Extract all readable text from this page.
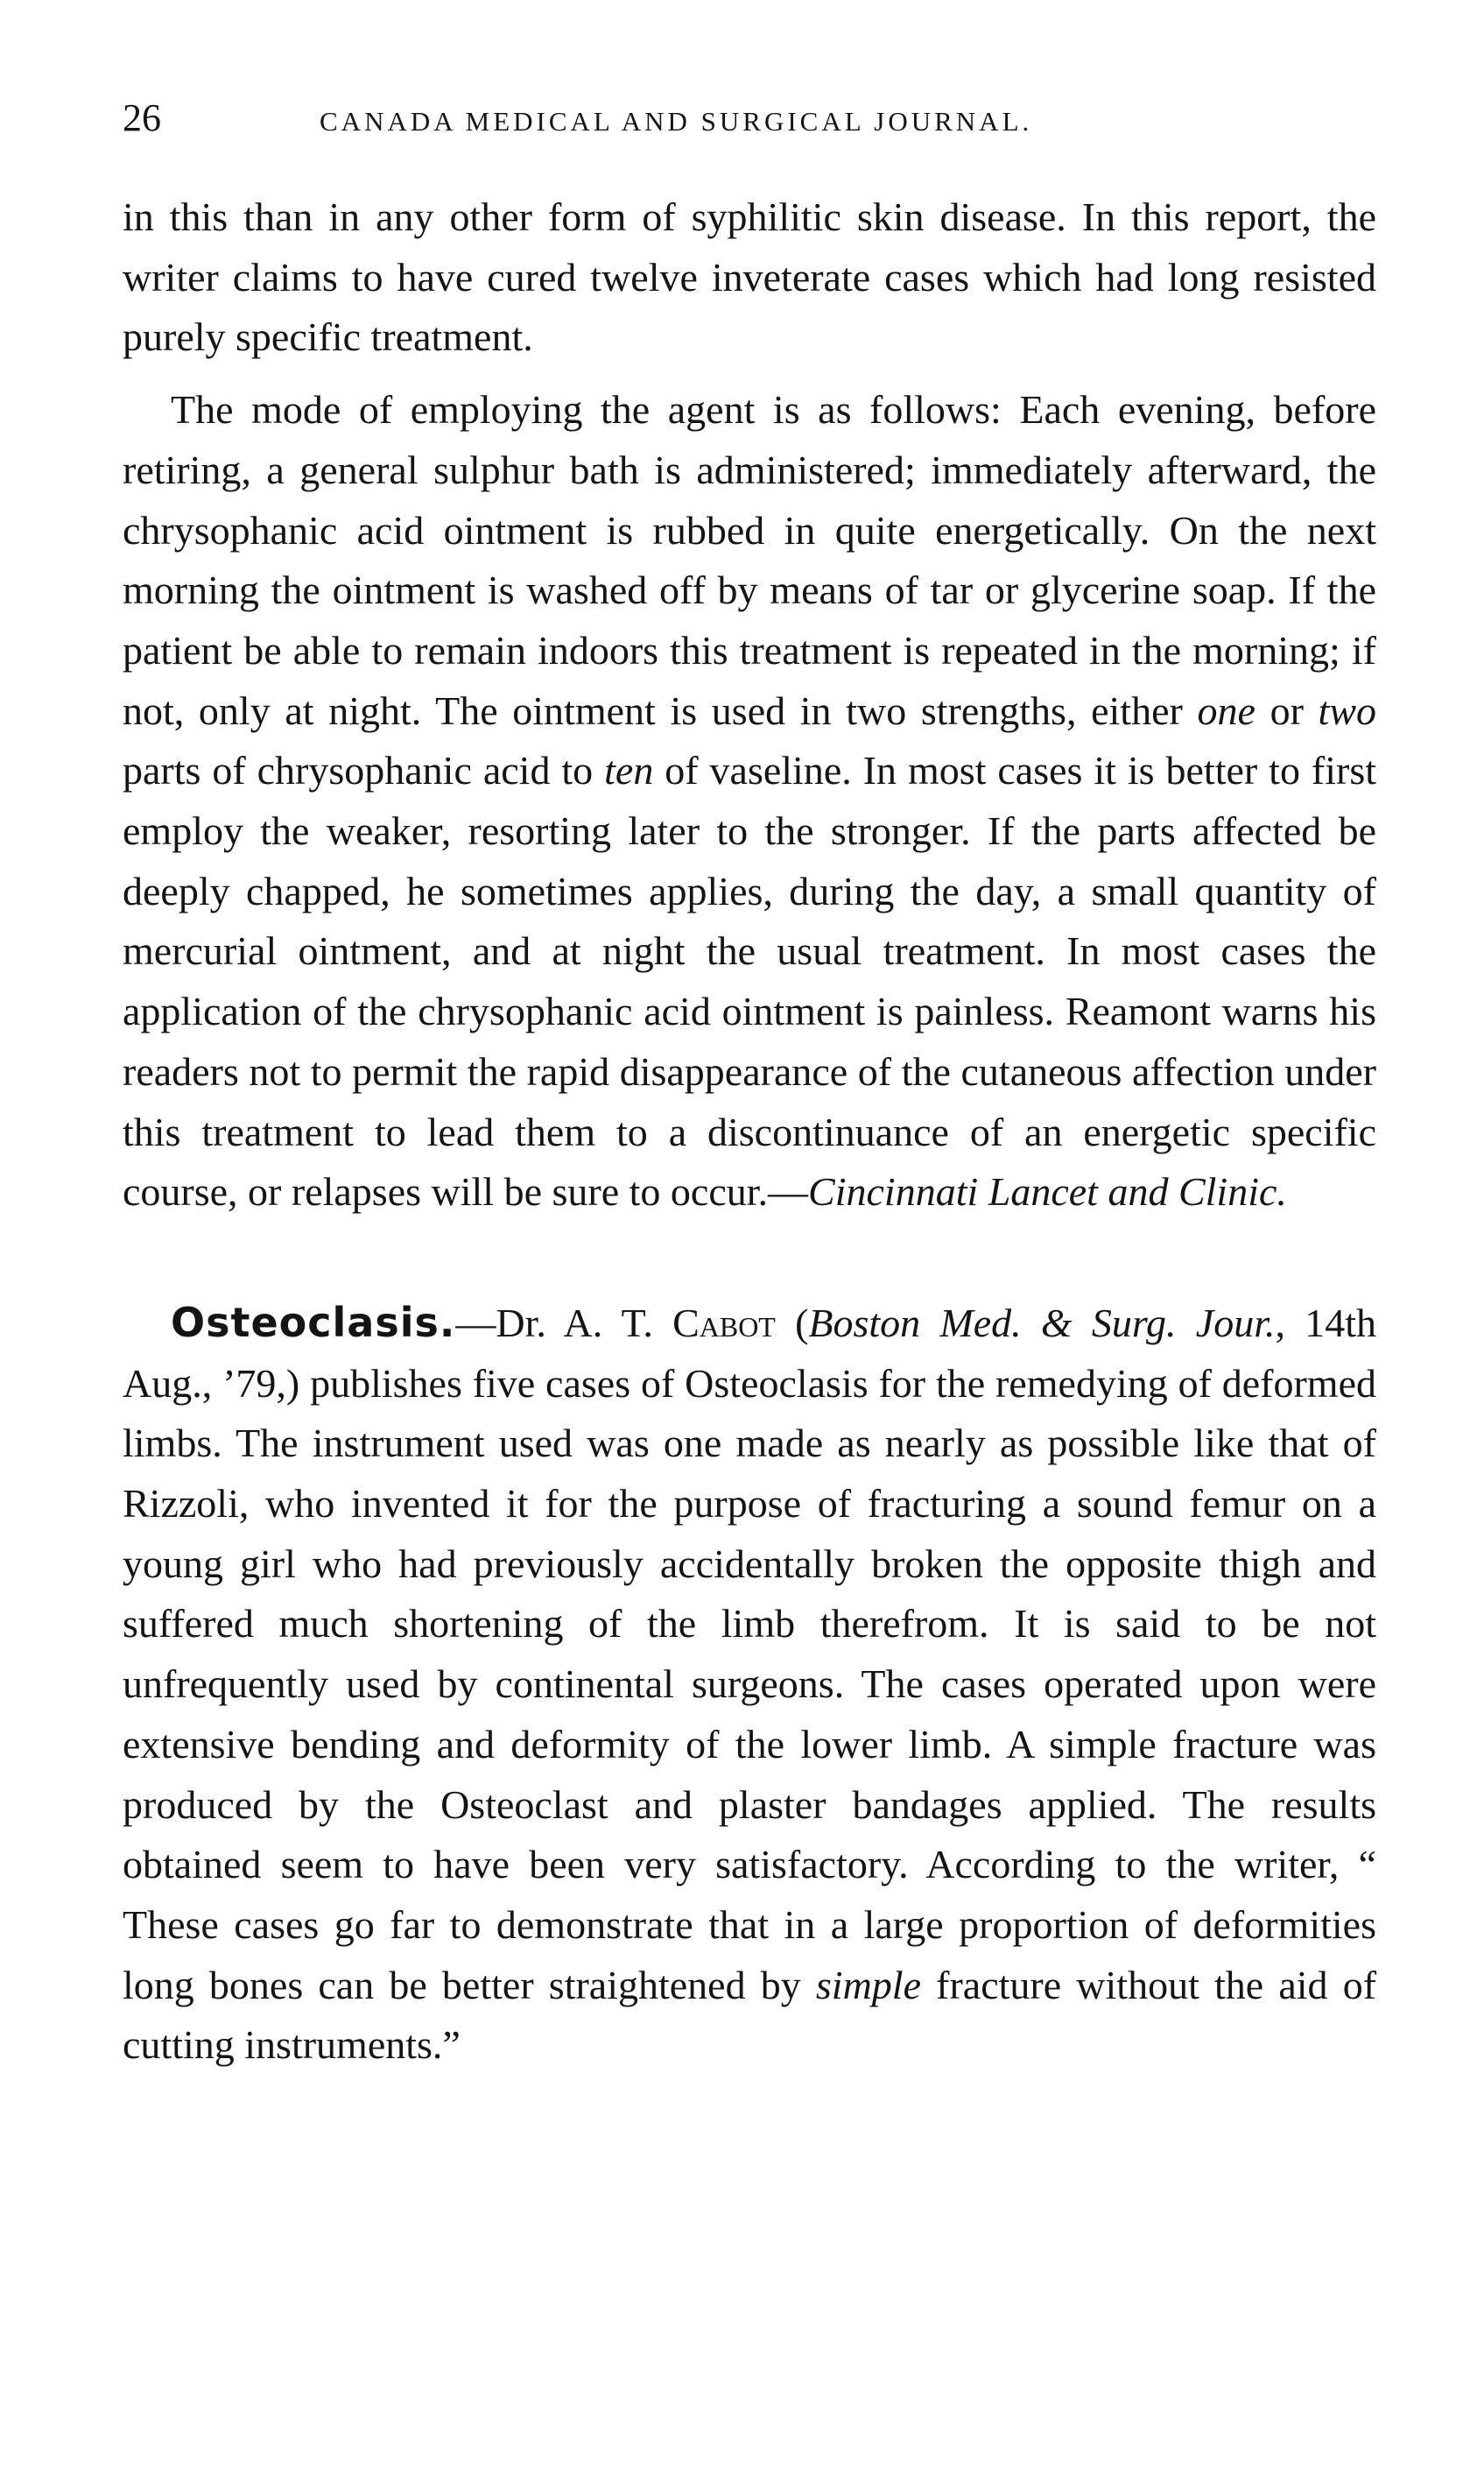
26	CANADA MEDICAL AND SURGICAL JOURNAL.

in this than in any other form of syphilitic skin disease. In this report, the writer claims to have cured twelve inveterate cases which had long resisted purely specific treatment.

The mode of employing the agent is as follows: Each evening, before retiring, a general sulphur bath is administered; immediately afterward, the chrysophanic acid ointment is rubbed in quite energetically. On the next morning the ointment is washed off by means of tar or glycerine soap. If the patient be able to remain indoors this treatment is repeated in the morning; if not, only at night. The ointment is used in two strengths, either one or two parts of chrysophanic acid to ten of vaseline. In most cases it is better to first employ the weaker, resorting later to the stronger. If the parts affected be deeply chapped, he sometimes applies, during the day, a small quantity of mercurial ointment, and at night the usual treatment. In most cases the application of the chrysophanic acid ointment is painless. Reamont warns his readers not to permit the rapid disappearance of the cutaneous affection under this treatment to lead them to a discontinuance of an energetic specific course, or relapses will be sure to occur.—Cincinnati Lancet and Clinic.

Osteoclasis.—Dr. A. T. Cabot (Boston Med. & Surg. Jour., 14th Aug., ’79,) publishes five cases of Osteoclasis for the remedying of deformed limbs. The instrument used was one made as nearly as possible like that of Rizzoli, who invented it for the purpose of fracturing a sound femur on a young girl who had previously accidentally broken the opposite thigh and suffered much shortening of the limb therefrom. It is said to be not unfrequently used by continental surgeons. The cases operated upon were extensive bending and deformity of the lower limb. A simple fracture was produced by the Osteoclast and plaster bandages applied. The results obtained seem to have been very satisfactory. According to the writer, “ These cases go far to demonstrate that in a large proportion of deformities long bones can be better straightened by simple fracture without the aid of cutting instruments.”
